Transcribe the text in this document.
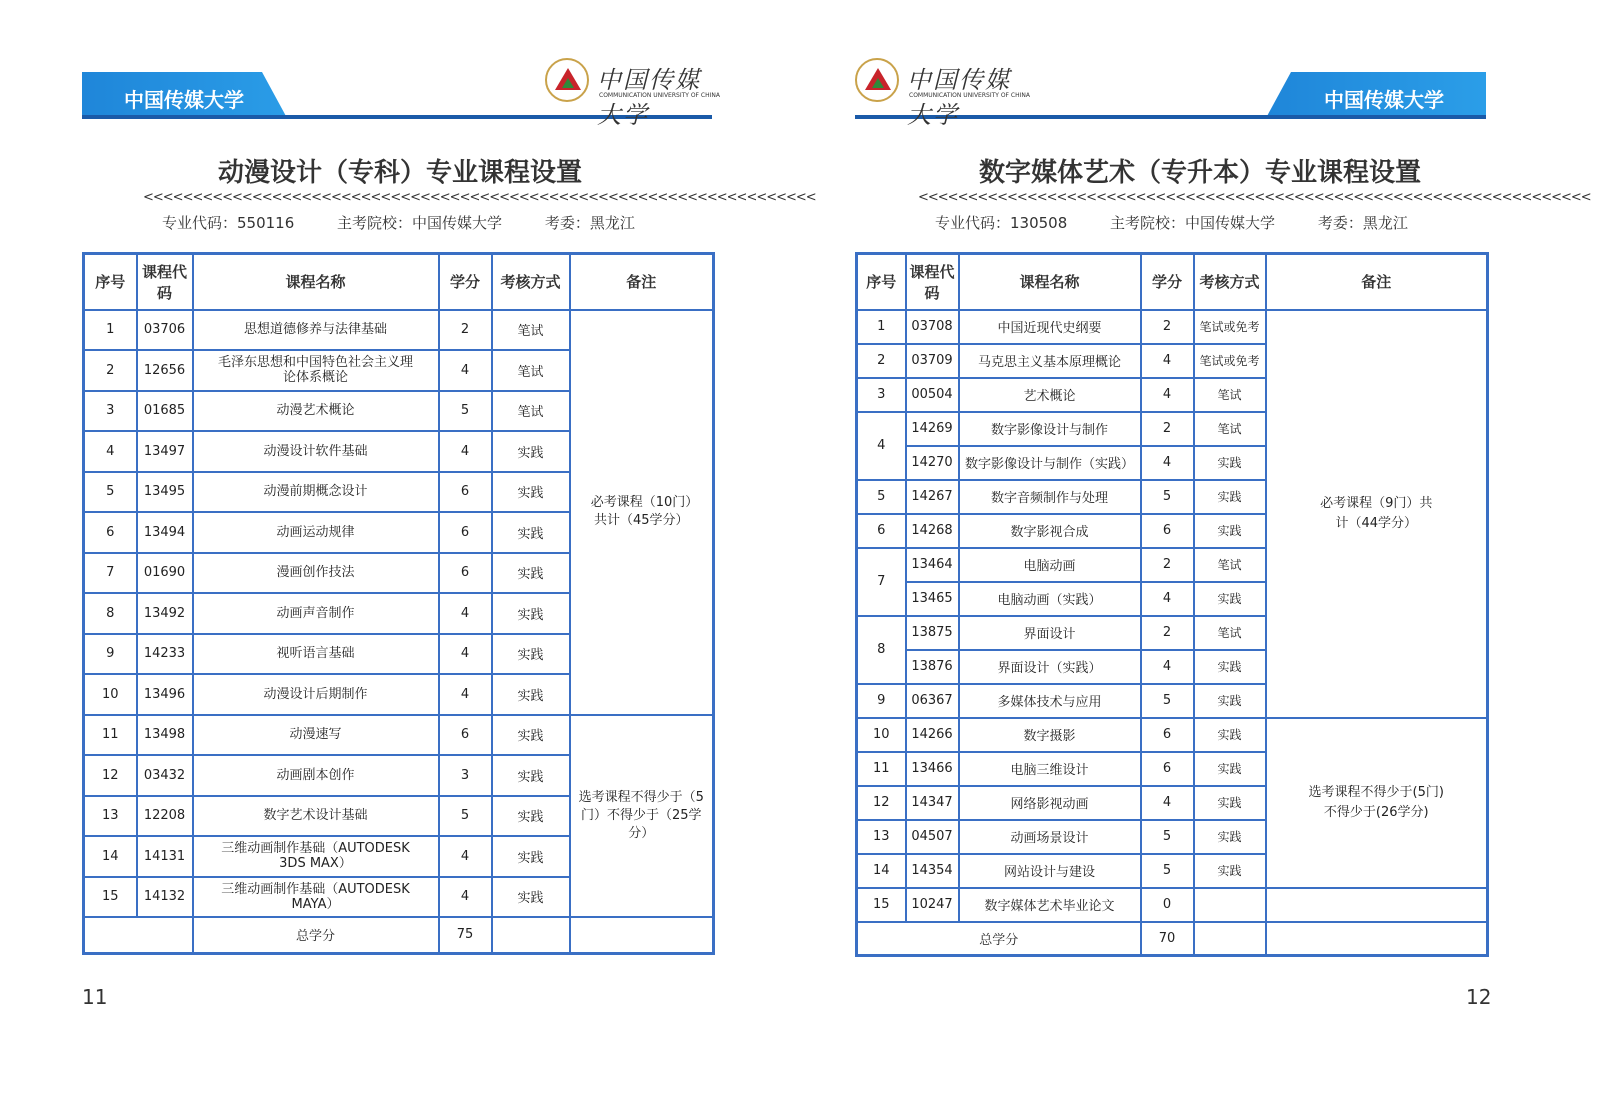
中国传媒大学
中国传媒大学
COMMUNICATION UNIVERSITY OF CHINA
动漫设计（专科）专业课程设置
<<<<<<<<<<<<<<<<<<<<<<<<<<<<<<<<<<<<<<<<<<<<<<<<<<<<<<<<<<<<<<<<<<<<
专业代码：550116	主考院校：中国传媒大学	考委：黑龙江
序号	课程代码	课程名称	学分	考核方式	备注
1	03706	思想道德修养与法律基础	2	笔试	必考课程（10门）共计（45学分）
2	12656	毛泽东思想和中国特色社会主义理论体系概论	4	笔试	
3	01685	动漫艺术概论	5	笔试	
4	13497	动漫设计软件基础	4	实践	
5	13495	动漫前期概念设计	6	实践	
6	13494	动画运动规律	6	实践	
7	01690	漫画创作技法	6	实践	
8	13492	动画声音制作	4	实践	
9	14233	视听语言基础	4	实践	
10	13496	动漫设计后期制作	4	实践	
11	13498	动漫速写	6	实践	选考课程不得少于（5门）不得少于（25学分）
12	03432	动画剧本创作	3	实践	
13	12208	数字艺术设计基础	5	实践	
14	14131	三维动画制作基础（AUTODESK 3DS MAX）	4	实践	
15	14132	三维动画制作基础（AUTODESK MAYA）	4	实践	
		总学分	75		
11
中国传媒大学
中国传媒大学
COMMUNICATION UNIVERSITY OF CHINA
数字媒体艺术（专升本）专业课程设置
<<<<<<<<<<<<<<<<<<<<<<<<<<<<<<<<<<<<<<<<<<<<<<<<<<<<<<<<<<<<<<<<<<<<
专业代码：130508	主考院校：中国传媒大学	考委：黑龙江
序号	课程代码	课程名称	学分	考核方式	备注
1	03708	中国近现代史纲要	2	笔试或免考	必考课程（9门）共计（44学分）
2	03709	马克思主义基本原理概论	4	笔试或免考	
3	00504	艺术概论	4	笔试	
4	14269	数字影像设计与制作	2	笔试	
	14270	数字影像设计与制作（实践）	4	实践	
5	14267	数字音频制作与处理	5	实践	
6	14268	数字影视合成	6	实践	
7	13464	电脑动画	2	笔试	
	13465	电脑动画（实践）	4	实践	
8	13875	界面设计	2	笔试	
	13876	界面设计（实践）	4	实践	
9	06367	多媒体技术与应用	5	实践	
10	14266	数字摄影	6	实践	选考课程不得少于(5门)不得少于(26学分)
11	13466	电脑三维设计	6	实践	
12	14347	网络影视动画	4	实践	
13	04507	动画场景设计	5	实践	
14	14354	网站设计与建设	5	实践	
15	10247	数字媒体艺术毕业论文	0		
总学分			70		
12
